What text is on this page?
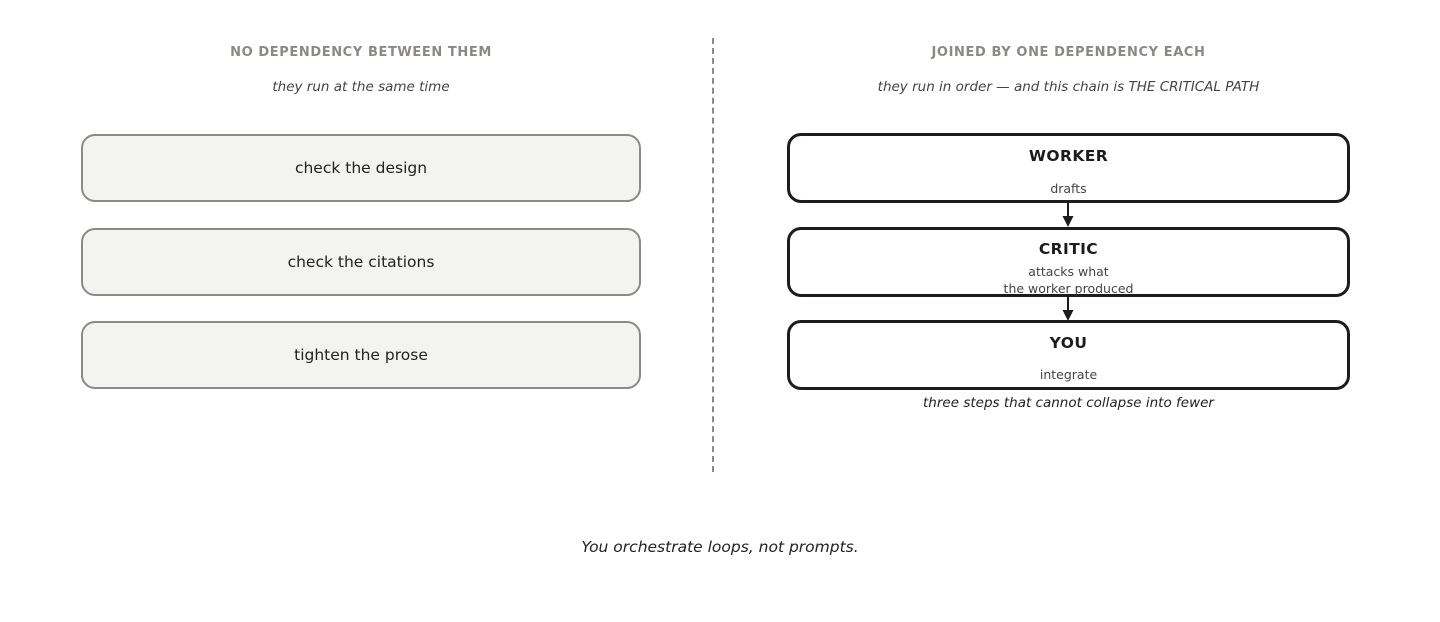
NO DEPENDENCY BETWEEN THEM
they run at the same time
check the design
check the citations
tighten the prose
JOINED BY ONE DEPENDENCY EACH
they run in order — and this chain is THE CRITICAL PATH
WORKER
drafts
CRITIC
attacks what
the worker produced
YOU
integrate
three steps that cannot collapse into fewer
You orchestrate loops, not prompts.
